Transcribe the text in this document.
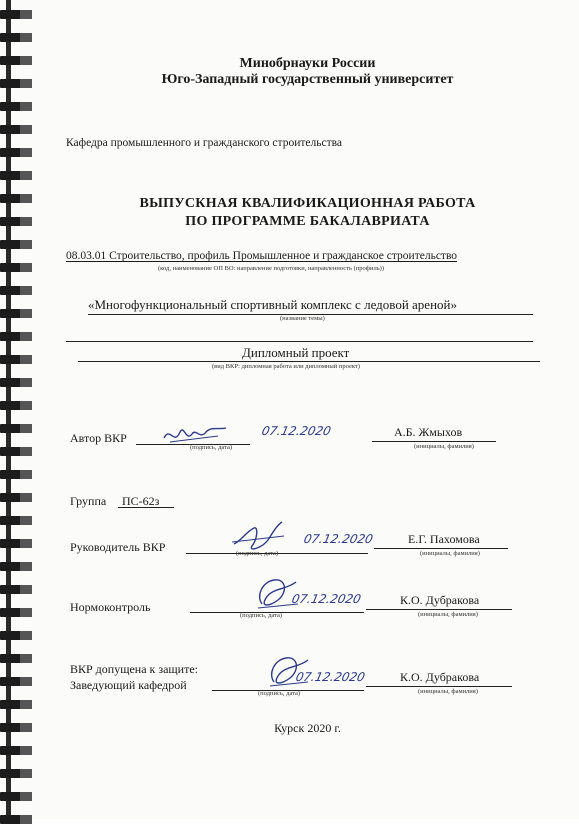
Минобрнауки России
Юго-Западный государственный университет
Кафедра промышленного и гражданского строительства
ВЫПУСКНАЯ КВАЛИФИКАЦИОННАЯ РАБОТА
ПО ПРОГРАММЕ БАКАЛАВРИАТА
08.03.01 Строительство, профиль Промышленное и гражданское строительство
(код, наименование ОП ВО: направление подготовки, направленность (профиль))
«Многофункциональный спортивный комплекс с ледовой ареной»
(название темы)
Дипломный проект
(вид ВКР: дипломная работа или дипломный проект)
Автор ВКР	07.12.2020
(подпись, дата)
А.Б. Жмыхов
(инициалы, фамилия)
Группа ПС-62з
Руководитель ВКР
07.12.2020
(подпись, дата)
Е.Г. Пахомова
(инициалы, фамилия)
Нормоконтроль
07.12.2020
(подпись, дата)
К.О. Дубракова
(инициалы, фамилия)
ВКР допущена к защите:
Заведующий кафедрой
07.12.2020
(подпись, дата)
К.О. Дубракова
(инициалы, фамилия)
Курск 2020 г.
